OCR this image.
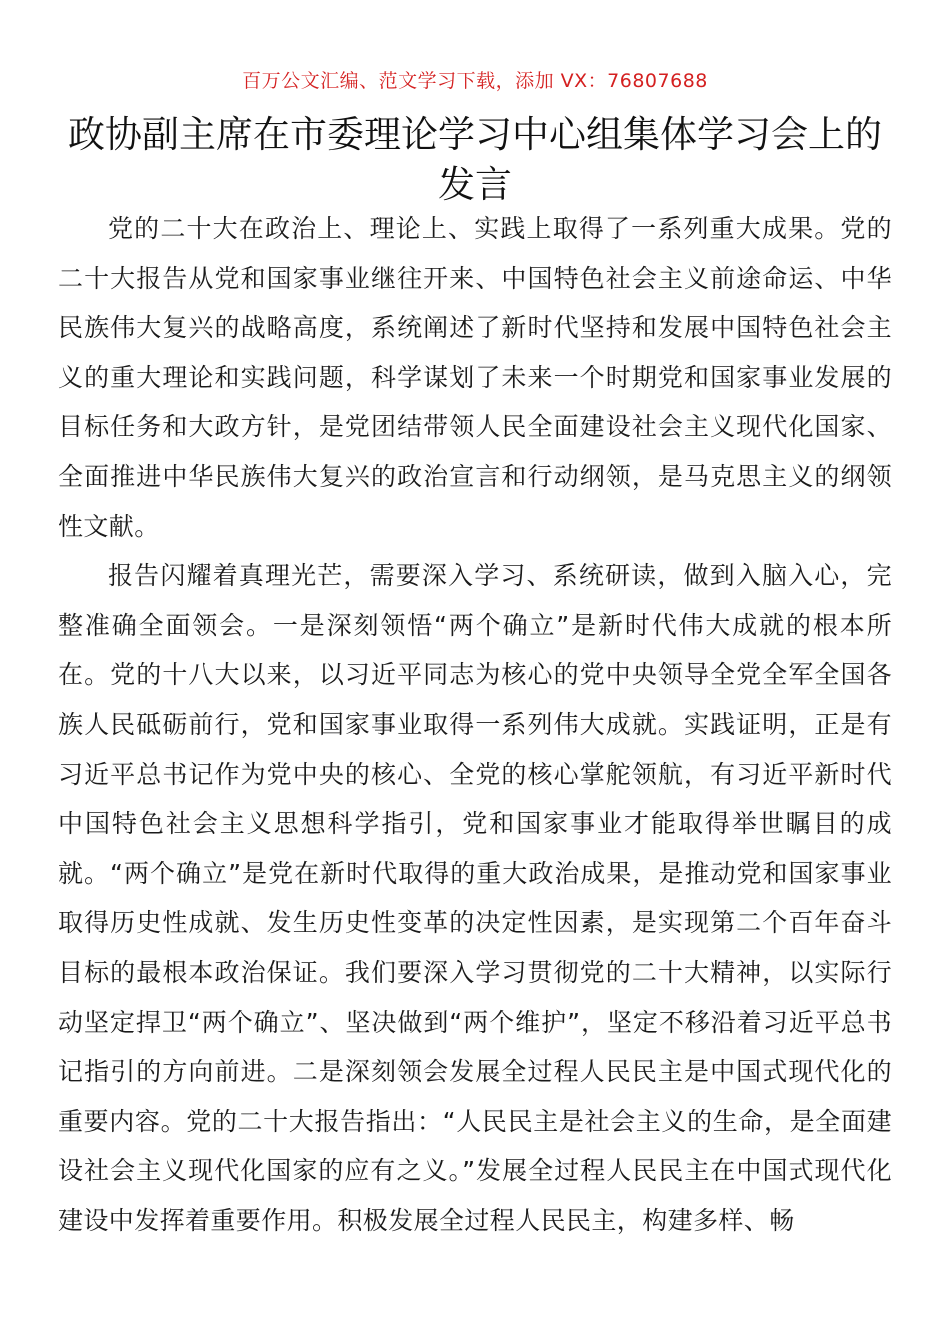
百万公文汇编、范文学习下载，添加 VX：76807688
政协副主席在市委理论学习中心组集体学习会上的发言

党的二十大在政治上、理论上、实践上取得了一系列重大成果。党的二十大报告从党和国家事业继往开来、中国特色社会主义前途命运、中华民族伟大复兴的战略高度，系统阐述了新时代坚持和发展中国特色社会主义的重大理论和实践问题，科学谋划了未来一个时期党和国家事业发展的目标任务和大政方针，是党团结带领人民全面建设社会主义现代化国家、全面推进中华民族伟大复兴的政治宣言和行动纲领，是马克思主义的纲领性文献。

报告闪耀着真理光芒，需要深入学习、系统研读，做到入脑入心，完整准确全面领会。一是深刻领悟“两个确立”是新时代伟大成就的根本所在。党的十八大以来，以习近平同志为核心的党中央领导全党全军全国各族人民砥砺前行，党和国家事业取得一系列伟大成就。实践证明，正是有习近平总书记作为党中央的核心、全党的核心掌舵领航，有习近平新时代中国特色社会主义思想科学指引，党和国家事业才能取得举世瞩目的成就。“两个确立”是党在新时代取得的重大政治成果，是推动党和国家事业取得历史性成就、发生历史性变革的决定性因素，是实现第二个百年奋斗目标的最根本政治保证。我们要深入学习贯彻党的二十大精神，以实际行动坚定捍卫“两个确立”、坚决做到“两个维护”，坚定不移沿着习近平总书记指引的方向前进。二是深刻领会发展全过程人民民主是中国式现代化的重要内容。党的二十大报告指出：“人民民主是社会主义的生命，是全面建设社会主义现代化国家的应有之义。”发展全过程人民民主在中国式现代化建设中发挥着重要作用。积极发展全过程人民民主，构建多样、畅
